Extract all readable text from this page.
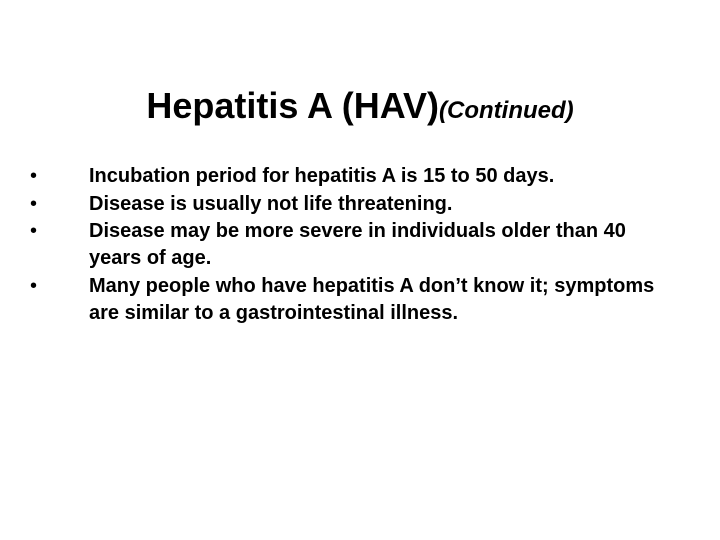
Hepatitis A (HAV)(Continued)
•	Incubation period for hepatitis A is 15 to 50 days.
•	Disease is usually not life threatening.
•	Disease may be more severe in individuals older than 40 years of age.
•	Many people who have hepatitis A don’t know it; symptoms are similar to a gastrointestinal illness.
